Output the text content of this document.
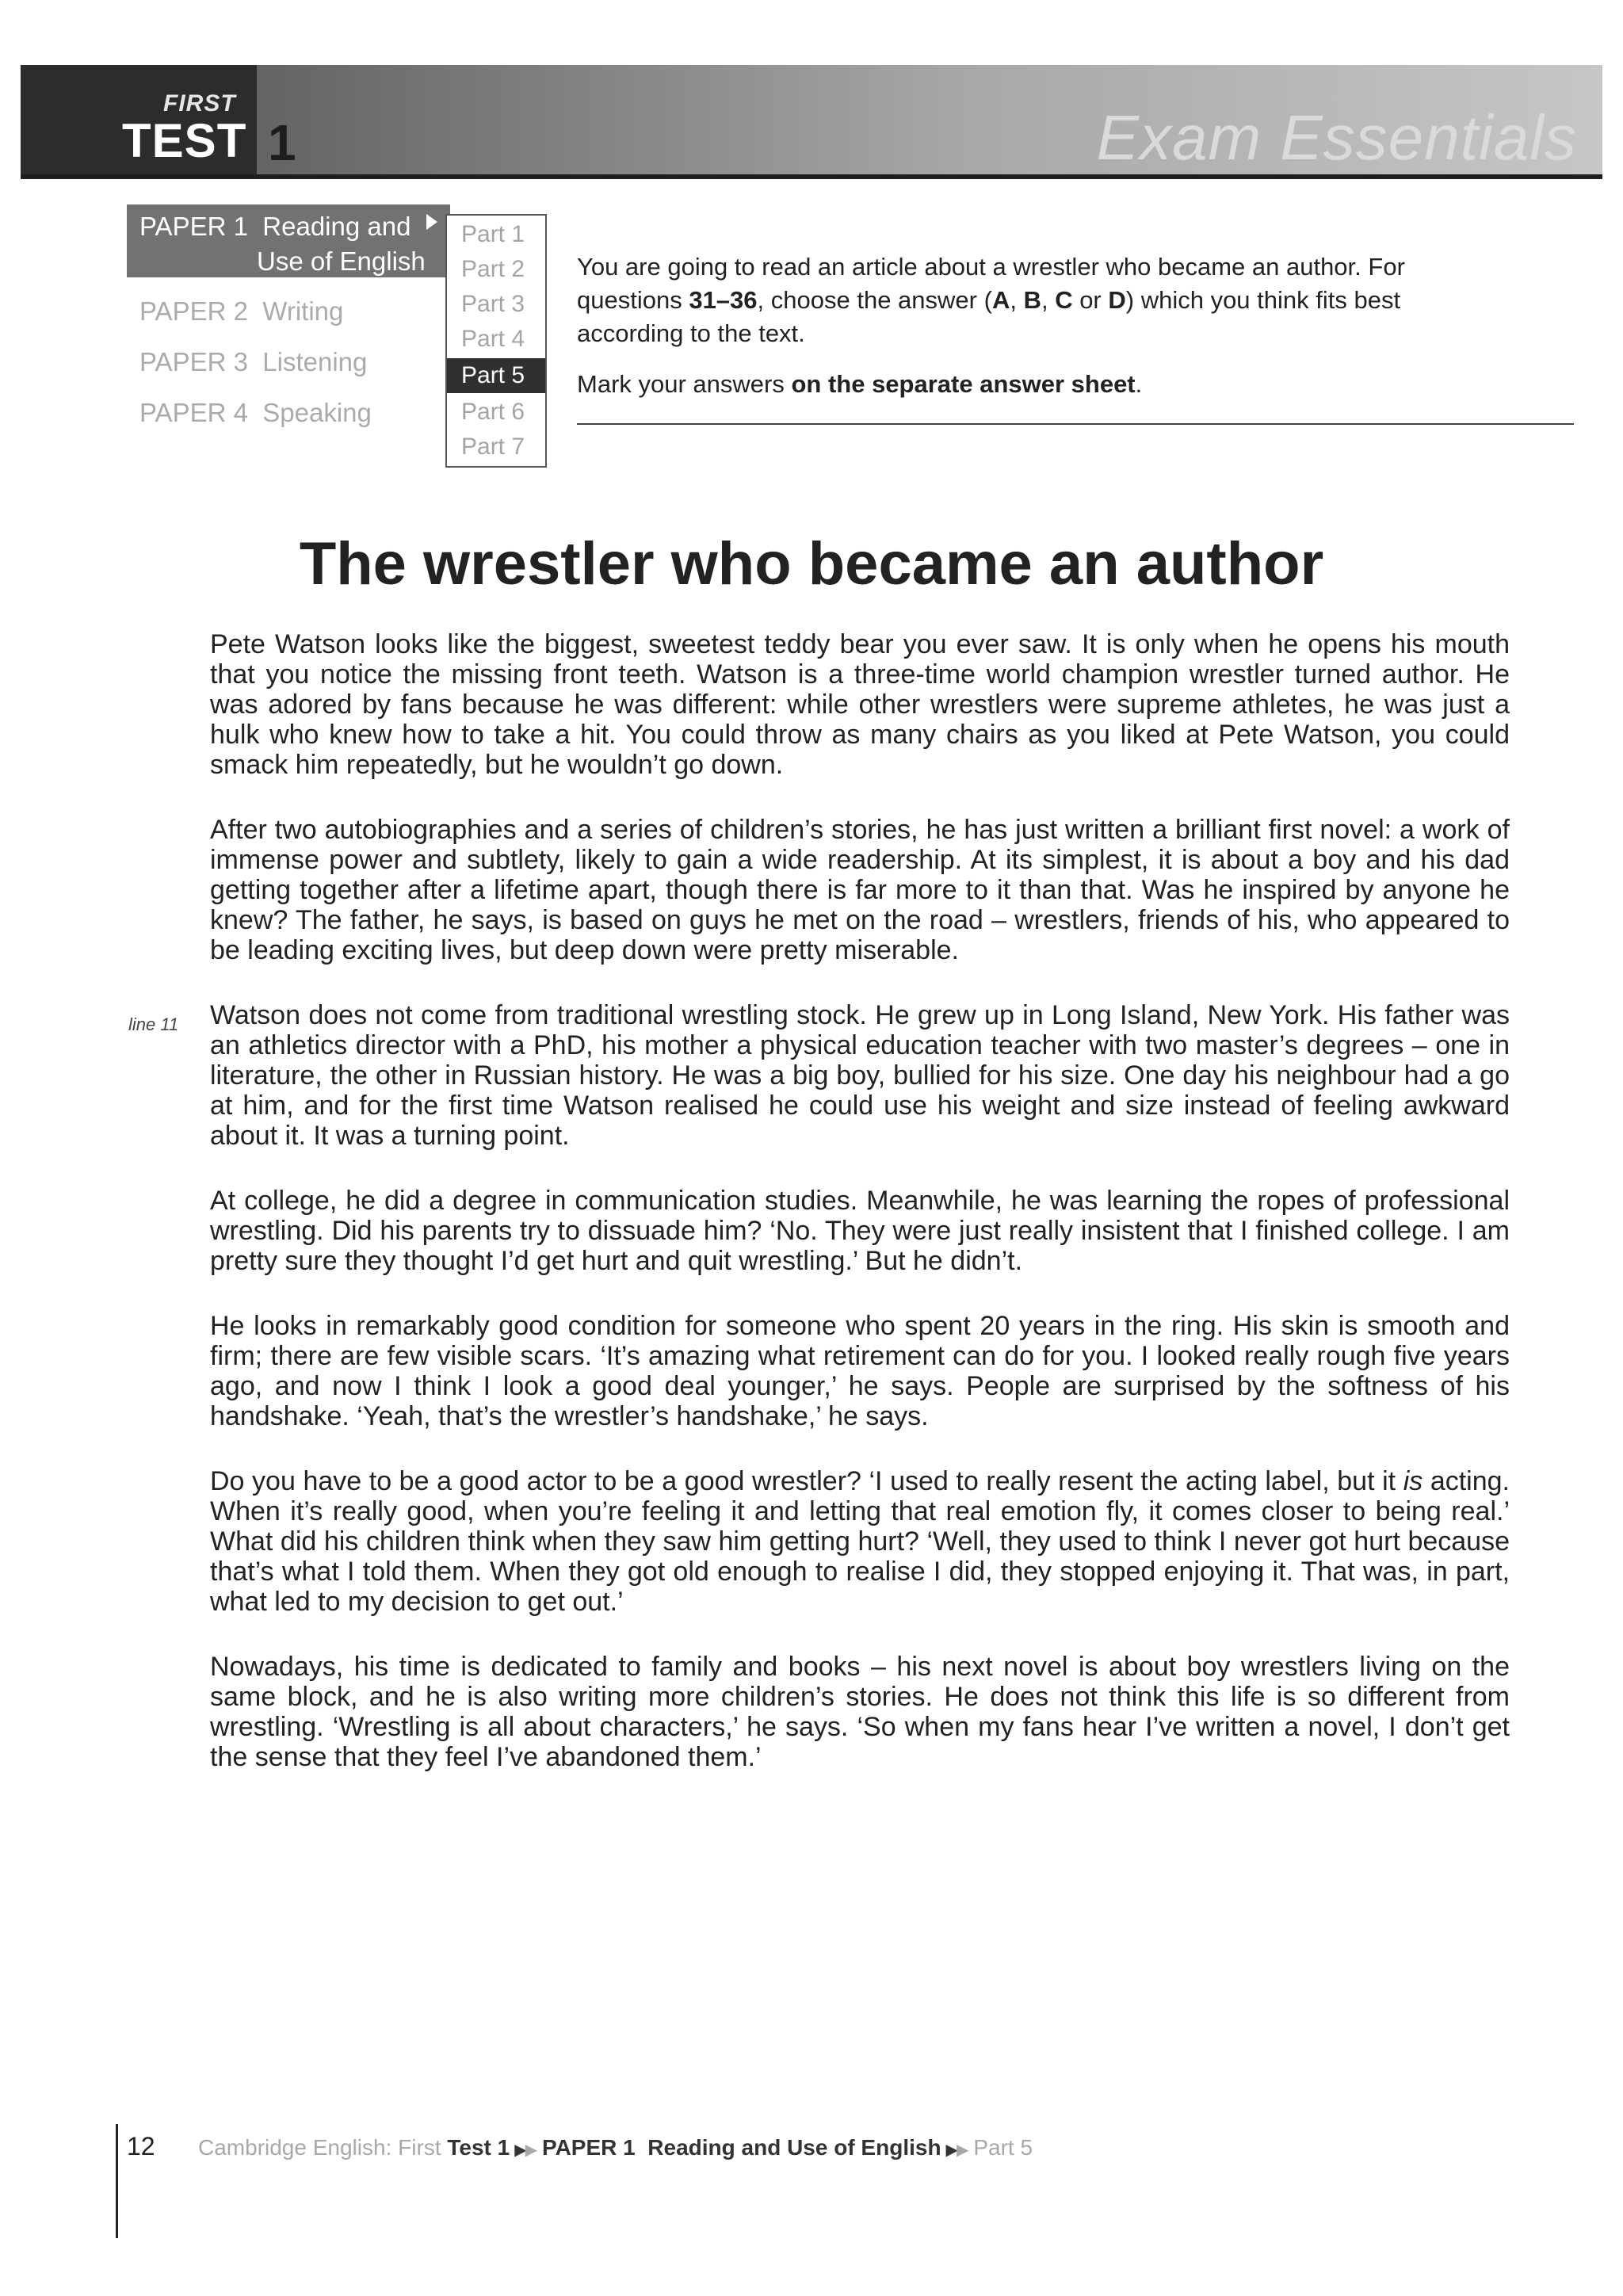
FIRST
TEST 1	Exam Essentials
PAPER 1  Reading and
Use of English
PAPER 2  Writing
PAPER 3  Listening
PAPER 4  Speaking
Part 1
Part 2
Part 3
Part 4
Part 5
Part 6
Part 7

You are going to read an article about a wrestler who became an author. For questions 31–36, choose the answer (A, B, C or D) which you think fits best according to the text.

Mark your answers on the separate answer sheet.

The wrestler who became an author
line 11

Pete Watson looks like the biggest, sweetest teddy bear you ever saw. It is only when he opens his mouth that you notice the missing front teeth. Watson is a three-time world champion wrestler turned author. He was adored by fans because he was different: while other wrestlers were supreme athletes, he was just a hulk who knew how to take a hit. You could throw as many chairs as you liked at Pete Watson, you could smack him repeatedly, but he wouldn’t go down.

After two autobiographies and a series of children’s stories, he has just written a brilliant first novel: a work of immense power and subtlety, likely to gain a wide readership. At its simplest, it is about a boy and his dad getting together after a lifetime apart, though there is far more to it than that. Was he inspired by anyone he knew? The father, he says, is based on guys he met on the road – wrestlers, friends of his, who appeared to be leading exciting lives, but deep down were pretty miserable.

Watson does not come from traditional wrestling stock. He grew up in Long Island, New York. His father was an athletics director with a PhD, his mother a physical education teacher with two master’s degrees – one in literature, the other in Russian history. He was a big boy, bullied for his size. One day his neighbour had a go at him, and for the first time Watson realised he could use his weight and size instead of feeling awkward about it. It was a turning point.

At college, he did a degree in communication studies. Meanwhile, he was learning the ropes of professional wrestling. Did his parents try to dissuade him? ‘No. They were just really insistent that I finished college. I am pretty sure they thought I’d get hurt and quit wrestling.’ But he didn’t.

He looks in remarkably good condition for someone who spent 20 years in the ring. His skin is smooth and firm; there are few visible scars. ‘It’s amazing what retirement can do for you. I looked really rough five years ago, and now I think I look a good deal younger,’ he says. People are surprised by the softness of his handshake. ‘Yeah, that’s the wrestler’s handshake,’ he says.

Do you have to be a good actor to be a good wrestler? ‘I used to really resent the acting label, but it is acting. When it’s really good, when you’re feeling it and letting that real emotion fly, it comes closer to being real.’ What did his children think when they saw him getting hurt? ‘Well, they used to think I never got hurt because that’s what I told them. When they got old enough to realise I did, they stopped enjoying it. That was, in part, what led to my decision to get out.’

Nowadays, his time is dedicated to family and books – his next novel is about boy wrestlers living on the same block, and he is also writing more children’s stories. He does not think this life is so different from wrestling. ‘Wrestling is all about characters,’ he says. ‘So when my fans hear I’ve written a novel, I don’t get the sense that they feel I’ve abandoned them.’

12 Cambridge English: First Test 1 ▶▶ PAPER 1  Reading and Use of English ▶▶ Part 5
